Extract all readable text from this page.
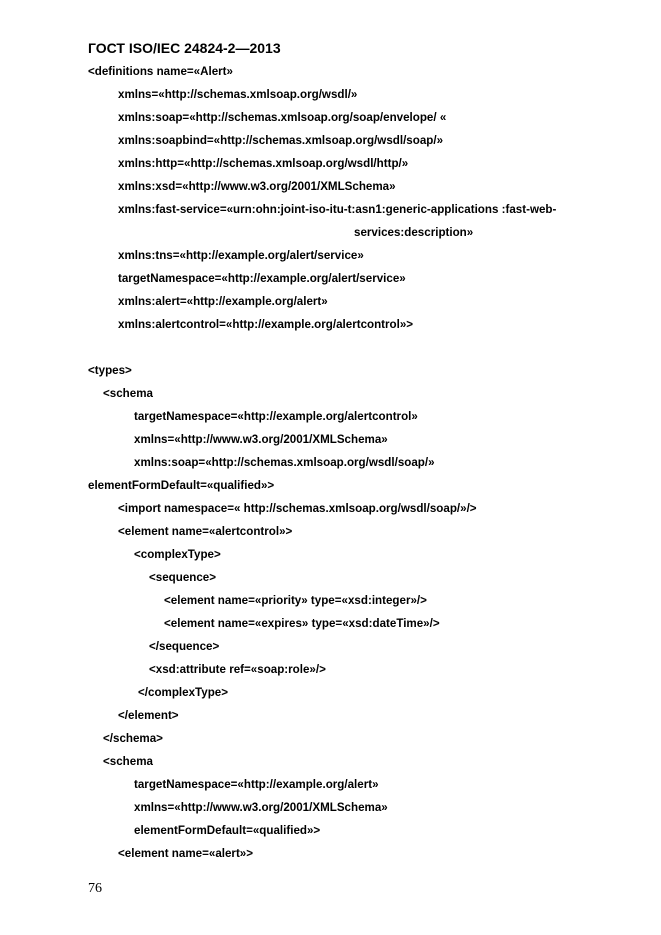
ГОСТ ISO/IEC 24824-2—2013
<definitions name=«Alert»
xmlns=«http://schemas.xmlsoap.org/wsdl/»
xmlns:soap=«http://schemas.xmlsoap.org/soap/envelope/ «
xmlns:soapbind=«http://schemas.xmlsoap.org/wsdl/soap/»
xmlns:http=«http://schemas.xmlsoap.org/wsdl/http/»
xmlns:xsd=«http://www.w3.org/2001/XMLSchema»
xmlns:fast-service=«urn:ohn:joint-iso-itu-t:asn1:generic-applications :fast-web-
services:description»
xmlns:tns=«http://example.org/alert/service»
targetNamespace=«http://example.org/alert/service»
xmlns:alert=«http://example.org/alert»
xmlns:alertcontrol=«http://example.org/alertcontrol»>
<types>
<schema
targetNamespace=«http://example.org/alertcontrol»
xmlns=«http://www.w3.org/2001/XMLSchema»
xmlns:soap=«http://schemas.xmlsoap.org/wsdl/soap/»
elementFormDefault=«qualified»>
<import namespace=« http://schemas.xmlsoap.org/wsdl/soap/»/>
<element name=«alertcontrol»>
<complexType>
<sequence>
<element name=«priority» type=«xsd:integer»/>
<element name=«expires» type=«xsd:dateTime»/>
</sequence>
<xsd:attribute ref=«soap:role»/>
</complexType>
</element>
</schema>
<schema
targetNamespace=«http://example.org/alert»
xmlns=«http://www.w3.org/2001/XMLSchema»
elementFormDefault=«qualified»>
<element name=«alert»>
76
